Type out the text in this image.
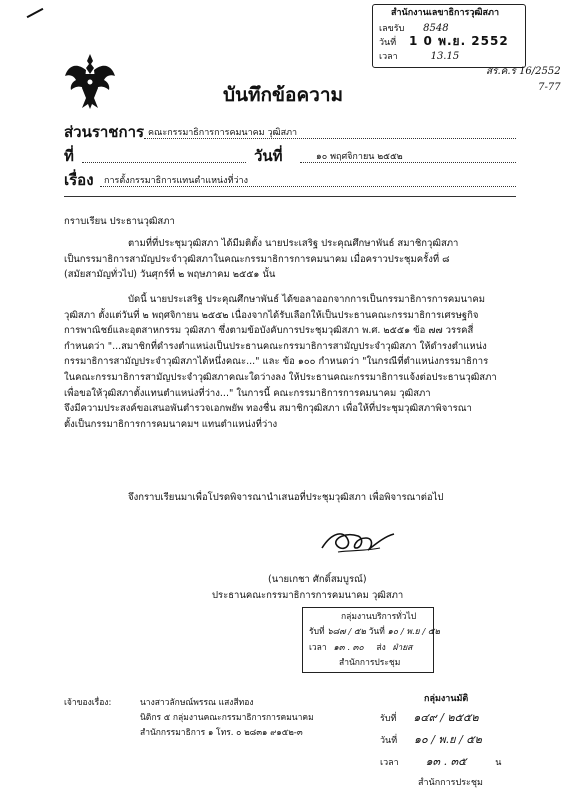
สำนักงานเลขาธิการวุฒิสภา
เลขรับ 8548
วันที่ 1 0 พ.ย. 2552
เวลา	13.15
สร.ค.ร 16/2552
7-77
บันทึกข้อความ
ส่วนราชการ คณะกรรมาธิการการคมนาคม วุฒิสภา
ที่	วันที่	๑๐ พฤศจิกายน ๒๕๕๒
เรื่อง การตั้งกรรมาธิการแทนตำแหน่งที่ว่าง
กราบเรียน ประธานวุฒิสภา
ตามที่ที่ประชุมวุฒิสภา ได้มีมติตั้ง นายประเสริฐ ประคุณศึกษาพันธ์ สมาชิกวุฒิสภา
เป็นกรรมาธิการสามัญประจำวุฒิสภาในคณะกรรมาธิการการคมนาคม เมื่อคราวประชุมครั้งที่ ๘
(สมัยสามัญทั่วไป) วันศุกร์ที่ ๒ พฤษภาคม ๒๕๕๑ นั้น
บัดนี้ นายประเสริฐ ประคุณศึกษาพันธ์ ได้ขอลาออกจากการเป็นกรรมาธิการการคมนาคม
วุฒิสภา ตั้งแต่วันที่ ๒ พฤศจิกายน ๒๕๕๒ เนื่องจากได้รับเลือกให้เป็นประธานคณะกรรมาธิการเศรษฐกิจ
การพาณิชย์และอุตสาหกรรม วุฒิสภา ซึ่งตามข้อบังคับการประชุมวุฒิสภา พ.ศ. ๒๕๕๑ ข้อ ๗๗ วรรคสี่
กำหนดว่า "...สมาชิกที่ดำรงตำแหน่งเป็นประธานคณะกรรมาธิการสามัญประจำวุฒิสภา ให้ดำรงตำแหน่ง
กรรมาธิการสามัญประจำวุฒิสภาได้หนึ่งคณะ..." และ ข้อ ๑๐๐ กำหนดว่า "ในกรณีที่ตำแหน่งกรรมาธิการ
ในคณะกรรมาธิการสามัญประจำวุฒิสภาคณะใดว่างลง ให้ประธานคณะกรรมาธิการแจ้งต่อประธานวุฒิสภา
เพื่อขอให้วุฒิสภาตั้งแทนตำแหน่งที่ว่าง..." ในการนี้ คณะกรรมาธิการการคมนาคม วุฒิสภา
จึงมีความประสงค์ขอเสนอพันตำรวจเอกพยัพ ทองชื่น สมาชิกวุฒิสภา เพื่อให้ที่ประชุมวุฒิสภาพิจารณา
ตั้งเป็นกรรมาธิการการคมนาคมฯ แทนตำแหน่งที่ว่าง
จึงกราบเรียนมาเพื่อโปรดพิจารณานำเสนอที่ประชุมวุฒิสภา เพื่อพิจารณาต่อไป
(นายเกชา ศักดิ์สมบูรณ์)
ประธานคณะกรรมาธิการการคมนาคม วุฒิสภา
กลุ่มงานบริการทั่วไป
รับที่ ๖๘๗ / ๕๒ วันที่ ๑๐ / พ.ย / ๕๒
เวลา ๑๓ . ๓๐ ส่ง ฝ่ายส
สำนักการประชุม
เจ้าของเรื่อง:	นางสาวลักษณ์พรรณ แสงสีทอง
นิติกร ๕ กลุ่มงานคณะกรรมาธิการการคมนาคม
สำนักกรรมาธิการ ๑ โทร. ๐ ๒๘๓๑ ๙๑๕๒-๓
กลุ่มงานมัติ
รับที่ ๑๔๙ / ๒๕๕๒
วันที่ ๑๐ / พ.ย / ๕๒
เวลา ๑๓ . ๓๕	น
สำนักการประชุม
